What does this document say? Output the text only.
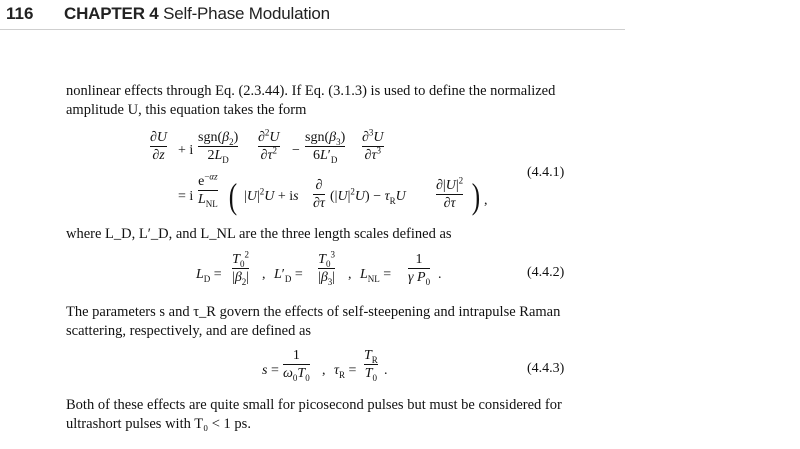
116 CHAPTER 4 Self-Phase Modulation
nonlinear effects through Eq. (2.3.44). If Eq. (3.1.3) is used to define the normalized
amplitude U, this equation takes the form
∂U
∂z + i
$sgn(\beta_2)$
$2L_D$
∂$^2$U
$\partial\tau^2$ −
$sgn(\beta_3)$
$6L'_D$
∂$^3$U
$\partial\tau^3$
= i
$e^{-\alpha z}$
$L_{NL}$ ( $|U|^2U$ + is
∂
∂τ $(|U|^2U) - \tau_RU$
$\partial|U|^2$
∂τ ) ,
(4.4.1)
where L_D, L′_D, and L_NL are the three length scales defined as
$L_D$ =
$T_0^2$
$|\beta_2|$ , $L'_D$ =
$T_0^3$
$|\beta_3|$ , $L_{NL}$ =
1
γ $P_0$ .	(4.4.2)
The parameters s and τ_R govern the effects of self-steepening and intrapulse Raman
scattering, respectively, and are defined as
s =
1
$\omega_0T_0$ , $\tau_R$ =
$T_R$
$T_0$ .	(4.4.3)
Both of these effects are quite small for picosecond pulses but must be considered for
ultrashort pulses with T₀ < 1 ps.
